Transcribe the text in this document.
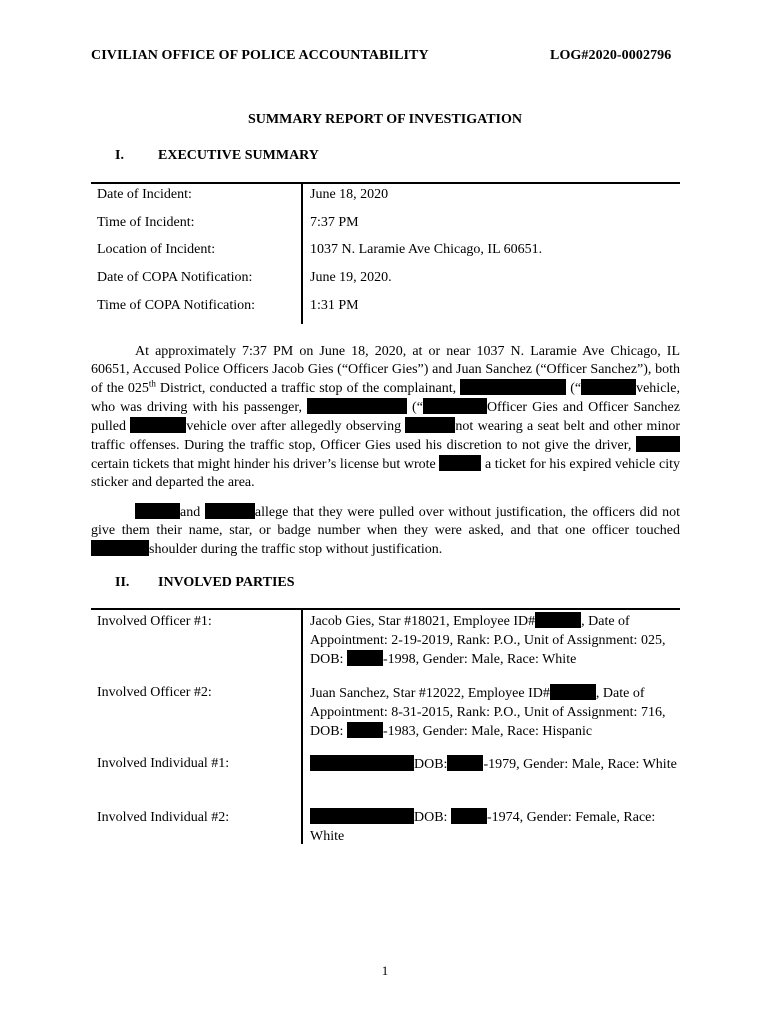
CIVILIAN OFFICE OF POLICE ACCOUNTABILITY	LOG#2020-0002796
SUMMARY REPORT OF INVESTIGATION
I. EXECUTIVE SUMMARY
Date of Incident:	June 18, 2020
Time of Incident:	7:37 PM
Location of Incident:	1037 N. Laramie Ave Chicago, IL 60651.
Date of COPA Notification:	June 19, 2020.
Time of COPA Notification:	1:31 PM

At approximately 7:37 PM on June 18, 2020, at or near 1037 N. Laramie Ave Chicago, IL 60651, Accused Police Officers Jacob Gies (“Officer Gies”) and Juan Sanchez (“Officer Sanchez”), both of the 025th District, conducted a traffic stop of the complainant,	(“	vehicle, who was driving with his passenger,	(“	Officer Gies and Officer Sanchez pulled	vehicle over after allegedly observing	not wearing a seat belt and other minor traffic offenses. During the traffic stop, Officer Gies used his discretion to not give the driver, certain tickets that might hinder his driver’s license but wrote	a ticket for his expired vehicle city sticker and departed the area.

and	allege that they were pulled over without justification, the officers did not give them their name, star, or badge number when they were asked, and that one officer touched shoulder during the traffic stop without justification.

II. INVOLVED PARTIES
Involved Officer #1:	Jacob Gies, Star #18021, Employee ID#	, Date of Appointment: 2-19-2019, Rank: P.O., Unit of Assignment: 025, DOB:	-1998, Gender: Male, Race: White
Involved Officer #2:	Juan Sanchez, Star #12022, Employee ID#	, Date of Appointment: 8-31-2015, Rank: P.O., Unit of Assignment: 716, DOB:	-1983, Gender: Male, Race: Hispanic
Involved Individual #1:	DOB:	-1979, Gender: Male, Race: White
Involved Individual #2:	DOB:	-1974, Gender: Female, Race: White
1
